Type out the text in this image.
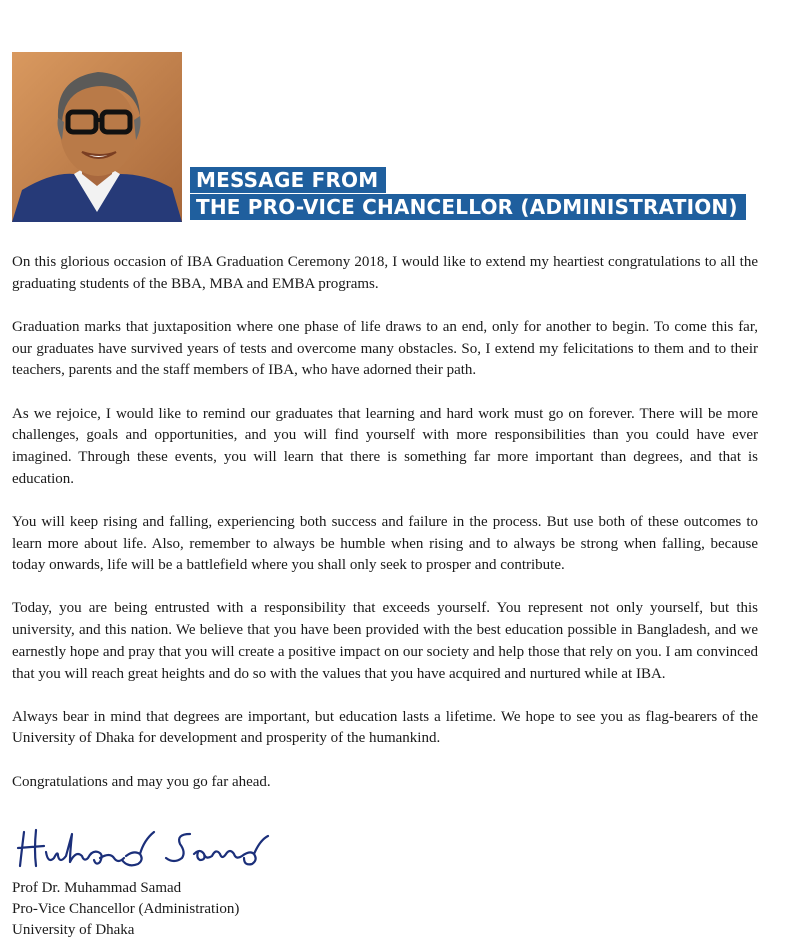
MESSAGE FROM
THE PRO-VICE CHANCELLOR (ADMINISTRATION)

On this glorious occasion of IBA Graduation Ceremony 2018, I would like to extend my heartiest congratulations to all the graduating students of the BBA, MBA and EMBA programs.

Graduation marks that juxtaposition where one phase of life draws to an end, only for another to begin. To come this far, our graduates have survived years of tests and overcome many obstacles. So, I extend my felicitations to them and to their teachers, parents and the staff members of IBA, who have adorned their path.

As we rejoice, I would like to remind our graduates that learning and hard work must go on forever. There will be more challenges, goals and opportunities, and you will find yourself with more responsibilities than you could have ever imagined. Through these events, you will learn that there is something far more important than degrees, and that is education.

You will keep rising and falling, experiencing both success and failure in the process. But use both of these outcomes to learn more about life. Also, remember to always be humble when rising and to always be strong when falling, because today onwards, life will be a battlefield where you shall only seek to prosper and contribute.

Today, you are being entrusted with a responsibility that exceeds yourself. You represent not only yourself, but this university, and this nation. We believe that you have been provided with the best education possible in Bangladesh, and we earnestly hope and pray that you will create a positive impact on our society and help those that rely on you. I am convinced that you will reach great heights and do so with the values that you have acquired and nurtured while at IBA.

Always bear in mind that degrees are important, but education lasts a lifetime. We hope to see you as flag-bearers of the University of Dhaka for development and prosperity of the humankind.

Congratulations and may you go far ahead.

Prof Dr. Muhammad Samad
Pro-Vice Chancellor (Administration)
University of Dhaka
